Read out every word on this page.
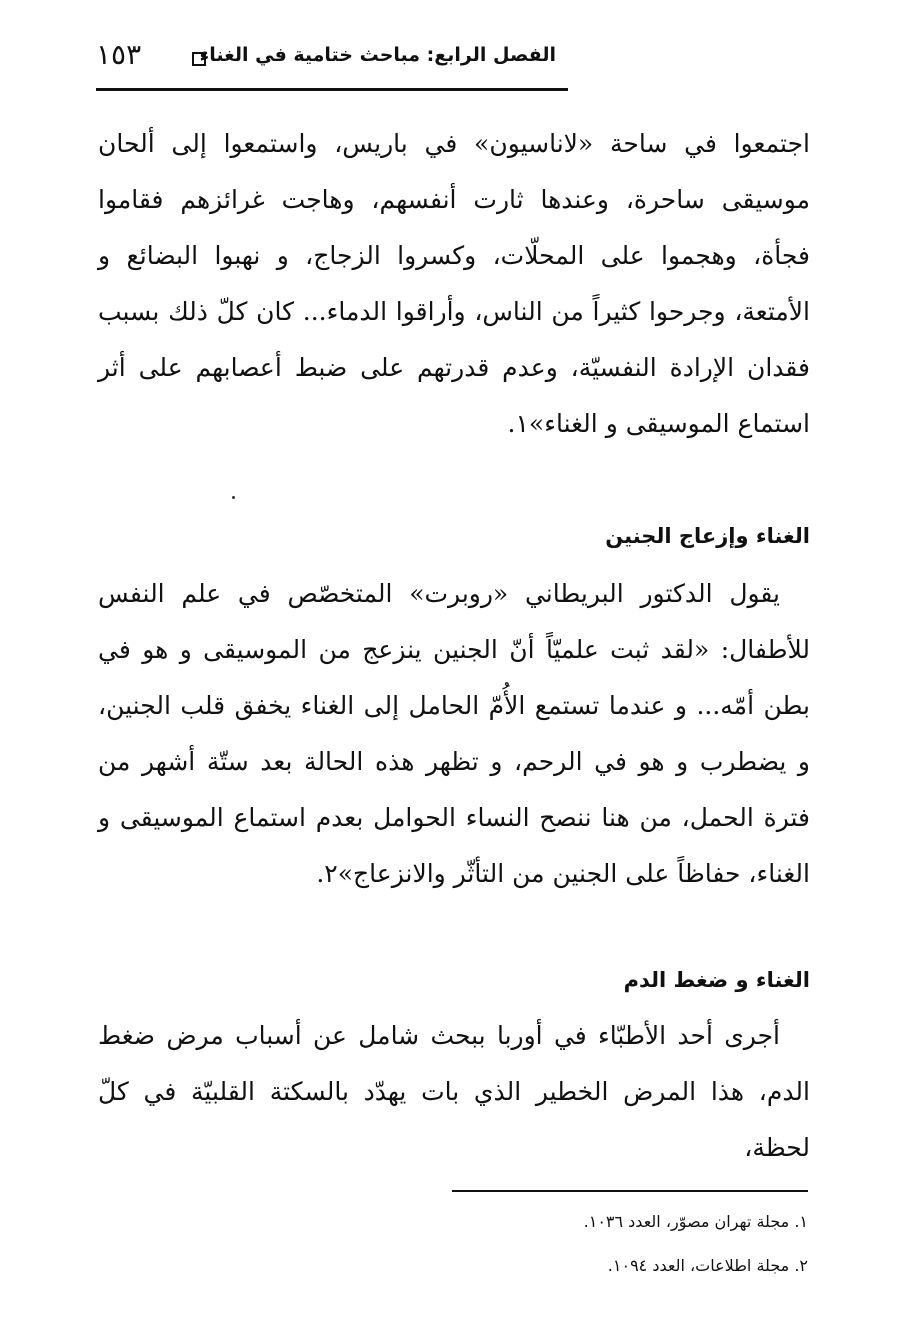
الفصل الرابع: مباحث ختامية في الغناء
١٥٣

اجتمعوا في ساحة «لاناسيون» في باريس، واستمعوا إلى ألحان موسيقى ساحرة، وعندها ثارت أنفسهم، وهاجت غرائزهم فقاموا فجأة، وهجموا على المحلّات، وكسروا الزجاج، و نهبوا البضائع و الأمتعة، وجرحوا كثيراً من الناس، وأراقوا الدماء... كان كلّ ذلك بسبب فقدان الإرادة النفسيّة، وعدم قدرتهم على ضبط أعصابهم على أثر استماع الموسيقى و الغناء»١.

الغناء وإزعاج الجنين

يقول الدكتور البريطاني «روبرت» المتخصّص في علم النفس للأطفال: «لقد ثبت علميّاً أنّ الجنين ينزعج من الموسيقى و هو في بطن أمّه... و عندما تستمع الأُمّ الحامل إلى الغناء يخفق قلب الجنين، و يضطرب و هو في الرحم، و تظهر هذه الحالة بعد ستّة أشهر من فترة الحمل، من هنا ننصح النساء الحوامل بعدم استماع الموسيقى و الغناء، حفاظاً على الجنين من التأثّر والانزعاج»٢.

الغناء و ضغط الدم

أجرى أحد الأطبّاء في أوربا ببحث شامل عن أسباب مرض ضغط الدم، هذا المرض الخطير الذي بات يهدّد بالسكتة القلبيّة في كلّ لحظة،

١. مجلة تهران مصوّر، العدد ١٠٣٦.

٢. مجلة اطلاعات، العدد ١٠٩٤.
